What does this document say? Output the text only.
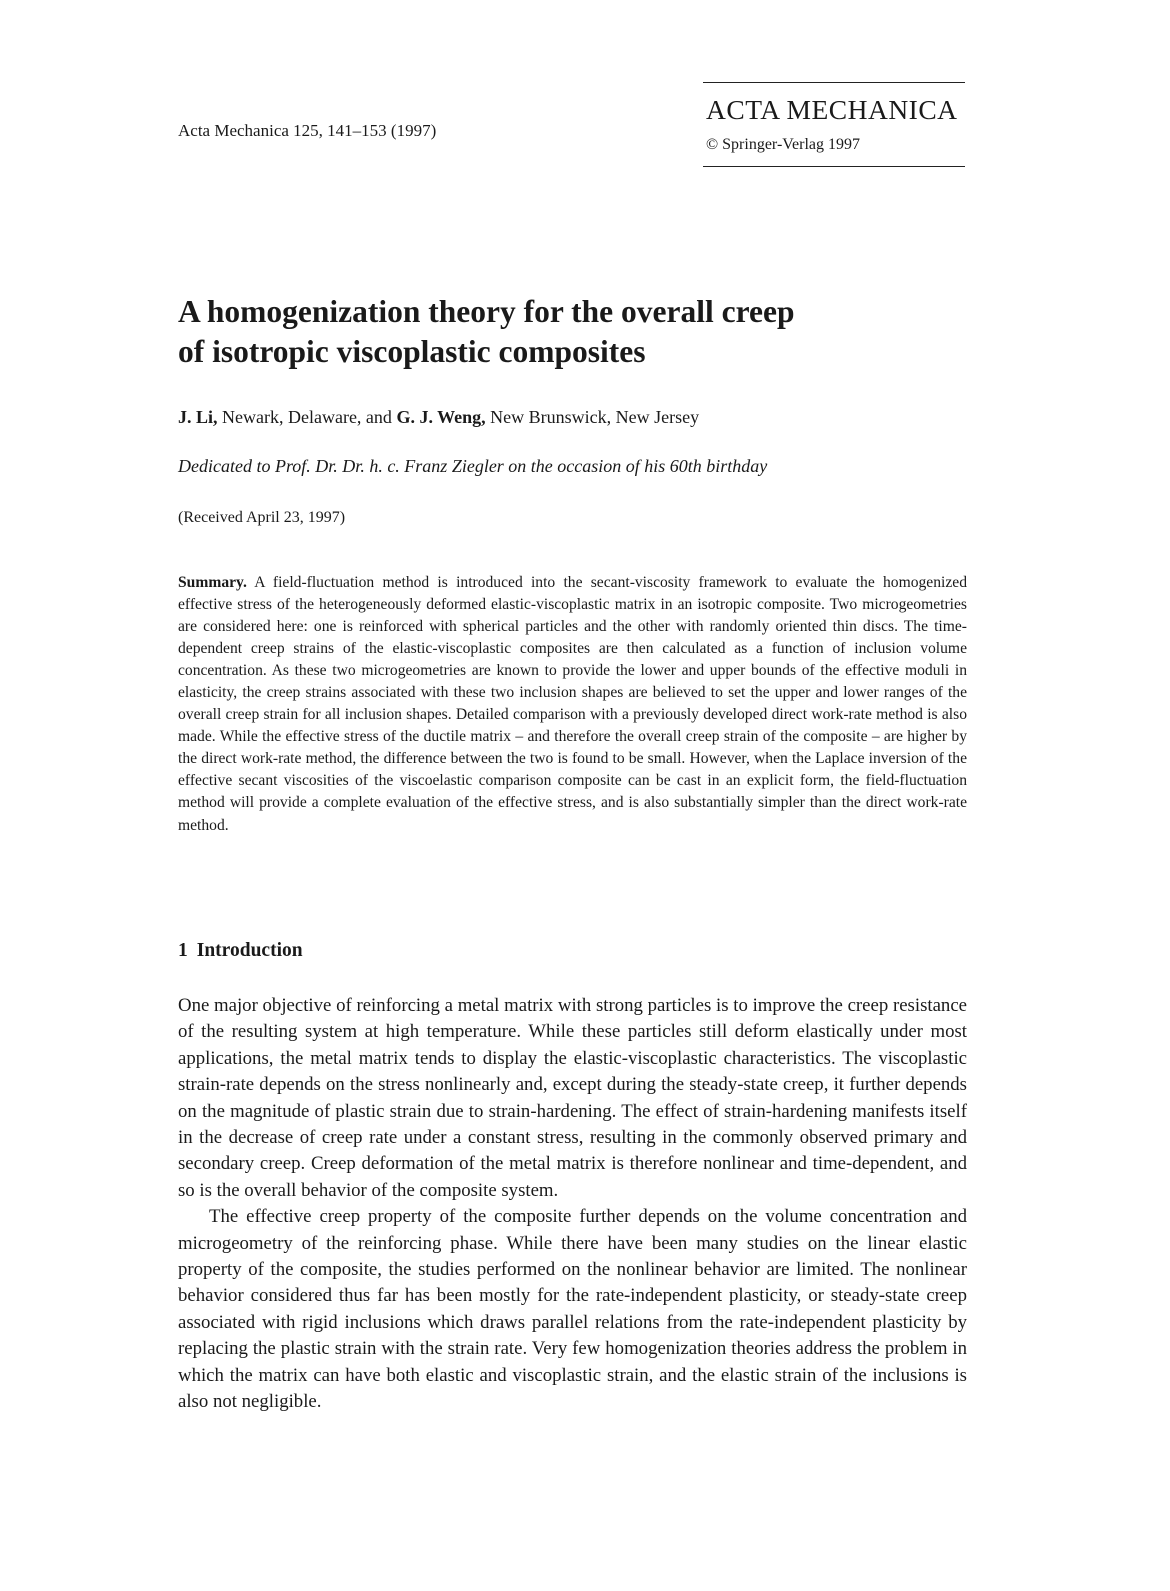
Acta Mechanica 125, 141–153 (1997)
ACTA MECHANICA
© Springer-Verlag 1997
A homogenization theory for the overall creep
of isotropic viscoplastic composites
J. Li, Newark, Delaware, and G. J. Weng, New Brunswick, New Jersey
Dedicated to Prof. Dr. Dr. h. c. Franz Ziegler on the occasion of his 60th birthday
(Received April 23, 1997)

Summary. A field-fluctuation method is introduced into the secant-viscosity framework to evaluate the homogenized effective stress of the heterogeneously deformed elastic-viscoplastic matrix in an isotropic composite. Two microgeometries are considered here: one is reinforced with spherical particles and the other with randomly oriented thin discs. The time-dependent creep strains of the elastic-viscoplastic composites are then calculated as a function of inclusion volume concentration. As these two microgeometries are known to provide the lower and upper bounds of the effective moduli in elasticity, the creep strains associated with these two inclusion shapes are believed to set the upper and lower ranges of the overall creep strain for all inclusion shapes. Detailed comparison with a previously developed direct work-rate method is also made. While the effective stress of the ductile matrix – and therefore the overall creep strain of the composite – are higher by the direct work-rate method, the difference between the two is found to be small. However, when the Laplace inversion of the effective secant viscosities of the viscoelastic comparison composite can be cast in an explicit form, the field-fluctuation method will provide a complete evaluation of the effective stress, and is also substantially simpler than the direct work-rate method.

1 Introduction

One major objective of reinforcing a metal matrix with strong particles is to improve the creep resistance of the resulting system at high temperature. While these particles still deform elastically under most applications, the metal matrix tends to display the elastic-viscoplastic characteristics. The viscoplastic strain-rate depends on the stress nonlinearly and, except during the steady-state creep, it further depends on the magnitude of plastic strain due to strain-hardening. The effect of strain-hardening manifests itself in the decrease of creep rate under a constant stress, resulting in the commonly observed primary and secondary creep. Creep deformation of the metal matrix is therefore nonlinear and time-dependent, and so is the overall behavior of the composite system.

The effective creep property of the composite further depends on the volume concentration and microgeometry of the reinforcing phase. While there have been many studies on the linear elastic property of the composite, the studies performed on the nonlinear behavior are limited. The nonlinear behavior considered thus far has been mostly for the rate-independent plasticity, or steady-state creep associated with rigid inclusions which draws parallel relations from the rate-independent plasticity by replacing the plastic strain with the strain rate. Very few homogenization theories address the problem in which the matrix can have both elastic and viscoplastic strain, and the elastic strain of the inclusions is also not negligible.
